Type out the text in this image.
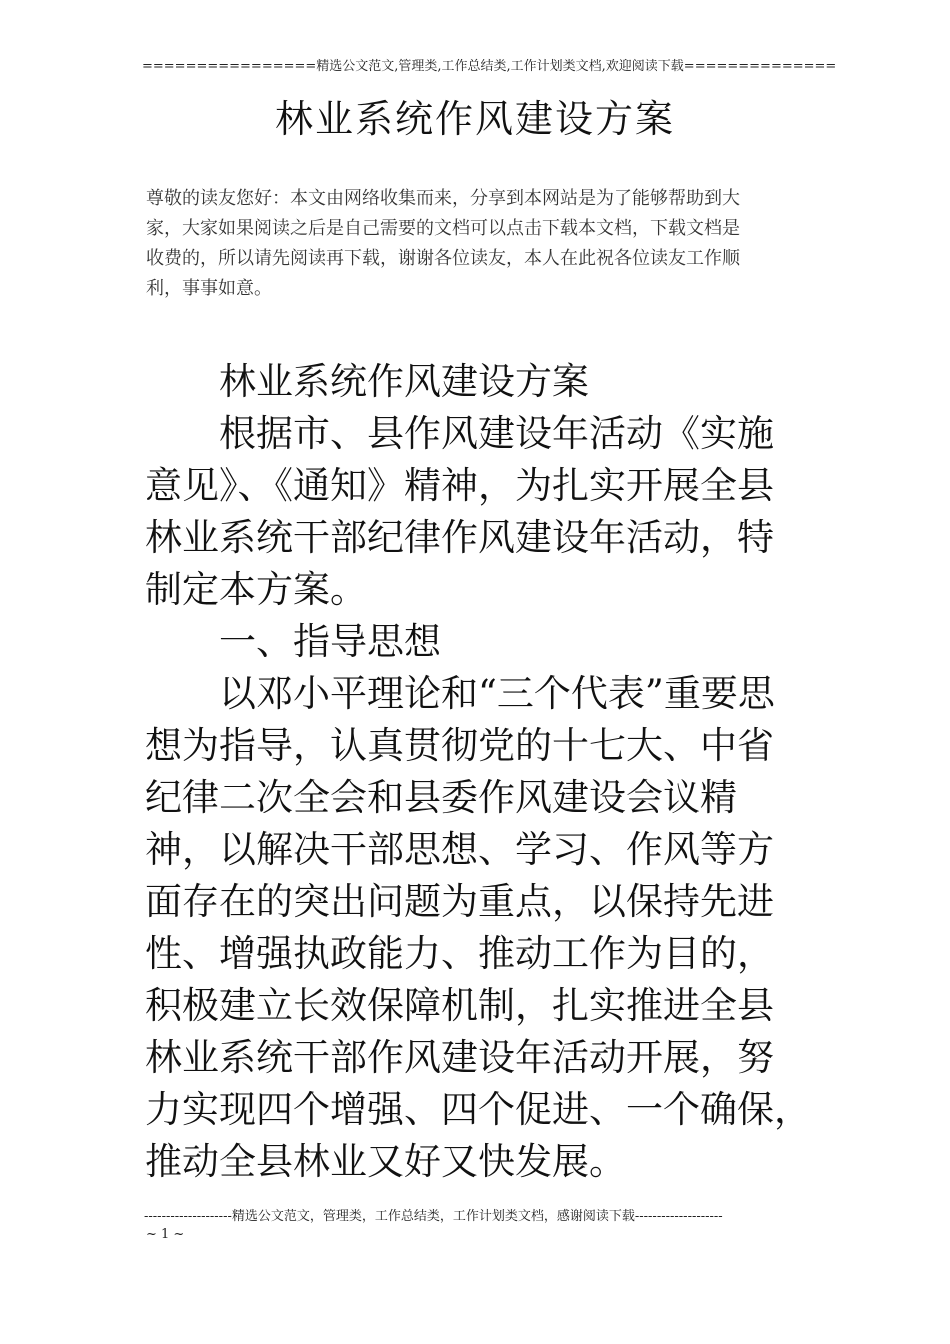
================精选公文范文,管理类,工作总结类,工作计划类文档,欢迎阅读下载==============
林业系统作风建设方案
尊敬的读友您好：本文由网络收集而来，分享到本网站是为了能够帮助到大
家，大家如果阅读之后是自己需要的文档可以点击下载本文档，下载文档是
收费的，所以请先阅读再下载，谢谢各位读友，本人在此祝各位读友工作顺
利，事事如意。
　　林业系统作风建设方案
　　根据市、县作风建设年活动《实施
意见》、《通知》精神，为扎实开展全县
林业系统干部纪律作风建设年活动，特
制定本方案。
　　一、指导思想
　　以邓小平理论和“三个代表”重要思
想为指导，认真贯彻党的十七大、中省
纪律二次全会和县委作风建设会议精
神，以解决干部思想、学习、作风等方
面存在的突出问题为重点，以保持先进
性、增强执政能力、推动工作为目的，
积极建立长效保障机制，扎实推进全县
林业系统干部作风建设年活动开展，努
力实现四个增强、四个促进、一个确保，
推动全县林业又好又快发展。
--------------------精选公文范文，管理类，工作总结类，工作计划类文档，感谢阅读下载--------------------
~ 1 ~
